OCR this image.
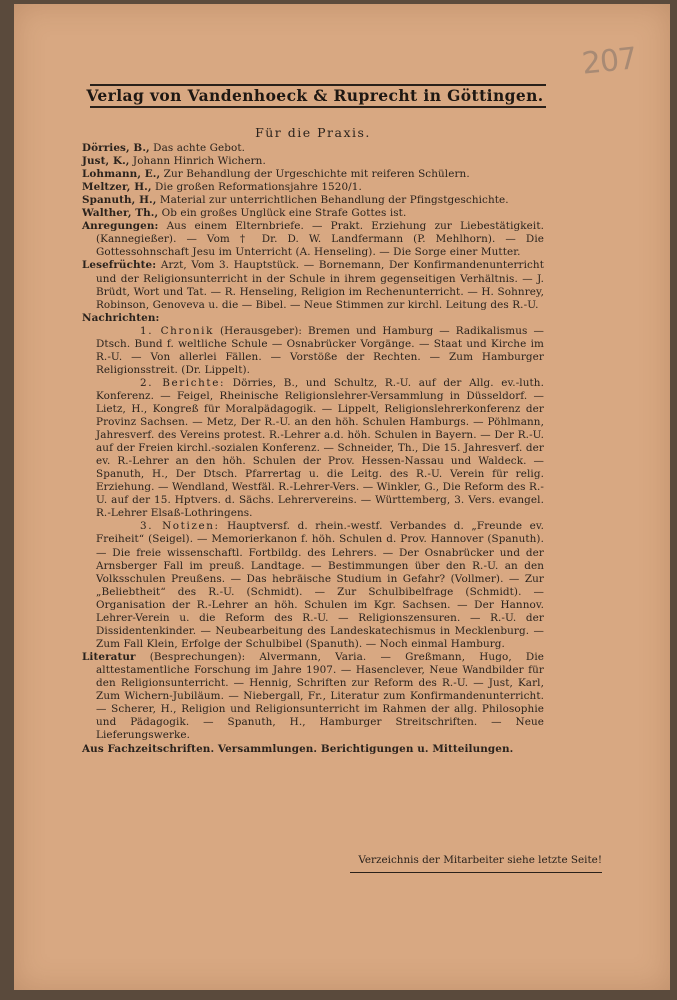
207
Verlag von Vandenhoeck & Ruprecht in Göttingen.
Für die Praxis.
Dörries, B., Das achte Gebot.
Just, K., Johann Hinrich Wichern.
Lohmann, E., Zur Behandlung der Urgeschichte mit reiferen Schülern.
Meltzer, H., Die großen Reformationsjahre 1520/1.
Spanuth, H., Material zur unterrichtlichen Behandlung der Pfingstgeschichte.
Walther, Th., Ob ein großes Unglück eine Strafe Gottes ist.
Anregungen: Aus einem Elternbriefe. — Prakt. Erziehung zur Liebestätigkeit. (Kannegießer). — Vom † Dr. D. W. Landfermann (P. Mehlhorn). — Die Gottessohnschaft Jesu im Unterricht (A. Henseling). — Die Sorge einer Mutter.
Lesefrüchte: Arzt, Vom 3. Hauptstück. — Bornemann, Der Konfirmandenunterricht und der Religionsunterricht in der Schule in ihrem gegenseitigen Verhältnis. — J. Brüdt, Wort und Tat. — R. Henseling, Religion im Rechenunterricht. — H. Sohnrey, Robinson, Genoveva u. die — Bibel. — Neue Stimmen zur kirchl. Leitung des R.-U.
Nachrichten:
1. Chronik (Herausgeber): Bremen und Hamburg — Radikalismus — Dtsch. Bund f. weltliche Schule — Osnabrücker Vorgänge. — Staat und Kirche im R.-U. — Von allerlei Fällen. — Vorstöße der Rechten. — Zum Hamburger Religionsstreit. (Dr. Lippelt).
2. Berichte: Dörries, B., und Schultz, R.-U. auf der Allg. ev.-luth. Konferenz. — Feigel, Rheinische Religionslehrer-Versammlung in Düsseldorf. — Lietz, H., Kongreß für Moralpädagogik. — Lippelt, Religionslehrerkonferenz der Provinz Sachsen. — Metz, Der R.-U. an den höh. Schulen Hamburgs. — Pöhlmann, Jahresverf. des Vereins protest. R.-Lehrer a.d. höh. Schulen in Bayern. — Der R.-U. auf der Freien kirchl.-sozialen Konferenz. — Schneider, Th., Die 15. Jahresverf. der ev. R.-Lehrer an den höh. Schulen der Prov. Hessen-Nassau und Waldeck. — Spanuth, H., Der Dtsch. Pfarrertag u. die Leitg. des R.-U. Verein für relig. Erziehung. — Wendland, Westfäl. R.-Lehrer-Vers. — Winkler, G., Die Reform des R.-U. auf der 15. Hptvers. d. Sächs. Lehrervereins. — Württemberg, 3. Vers. evangel. R.-Lehrer Elsaß-Lothringens.
3. Notizen: Hauptversf. d. rhein.-westf. Verbandes d. „Freunde ev. Freiheit“ (Seigel). — Memorierkanon f. höh. Schulen d. Prov. Hannover (Spanuth). — Die freie wissenschaftl. Fortbildg. des Lehrers. — Der Osnabrücker und der Arnsberger Fall im preuß. Landtage. — Bestimmungen über den R.-U. an den Volksschulen Preußens. — Das hebräische Studium in Gefahr? (Vollmer). — Zur „Beliebtheit“ des R.-U. (Schmidt). — Zur Schulbibelfrage (Schmidt). — Organisation der R.-Lehrer an höh. Schulen im Kgr. Sachsen. — Der Hannov. Lehrer-Verein u. die Reform des R.-U. — Religionszensuren. — R.-U. der Dissidentenkinder. — Neubearbeitung des Landeskatechismus in Mecklenburg. — Zum Fall Klein, Erfolge der Schulbibel (Spanuth). — Noch einmal Hamburg.
Literatur (Besprechungen): Alvermann, Varia. — Greßmann, Hugo, Die alttestamentliche Forschung im Jahre 1907. — Hasenclever, Neue Wandbilder für den Religionsunterricht. — Hennig, Schriften zur Reform des R.-U. — Just, Karl, Zum Wichern-Jubiläum. — Niebergall, Fr., Literatur zum Konfirmandenunterricht. — Scherer, H., Religion und Religionsunterricht im Rahmen der allg. Philosophie und Pädagogik. — Spanuth, H., Hamburger Streitschriften. — Neue Lieferungswerke.
Aus Fachzeitschriften. Versammlungen. Berichtigungen u. Mitteilungen.
Verzeichnis der Mitarbeiter siehe letzte Seite!
